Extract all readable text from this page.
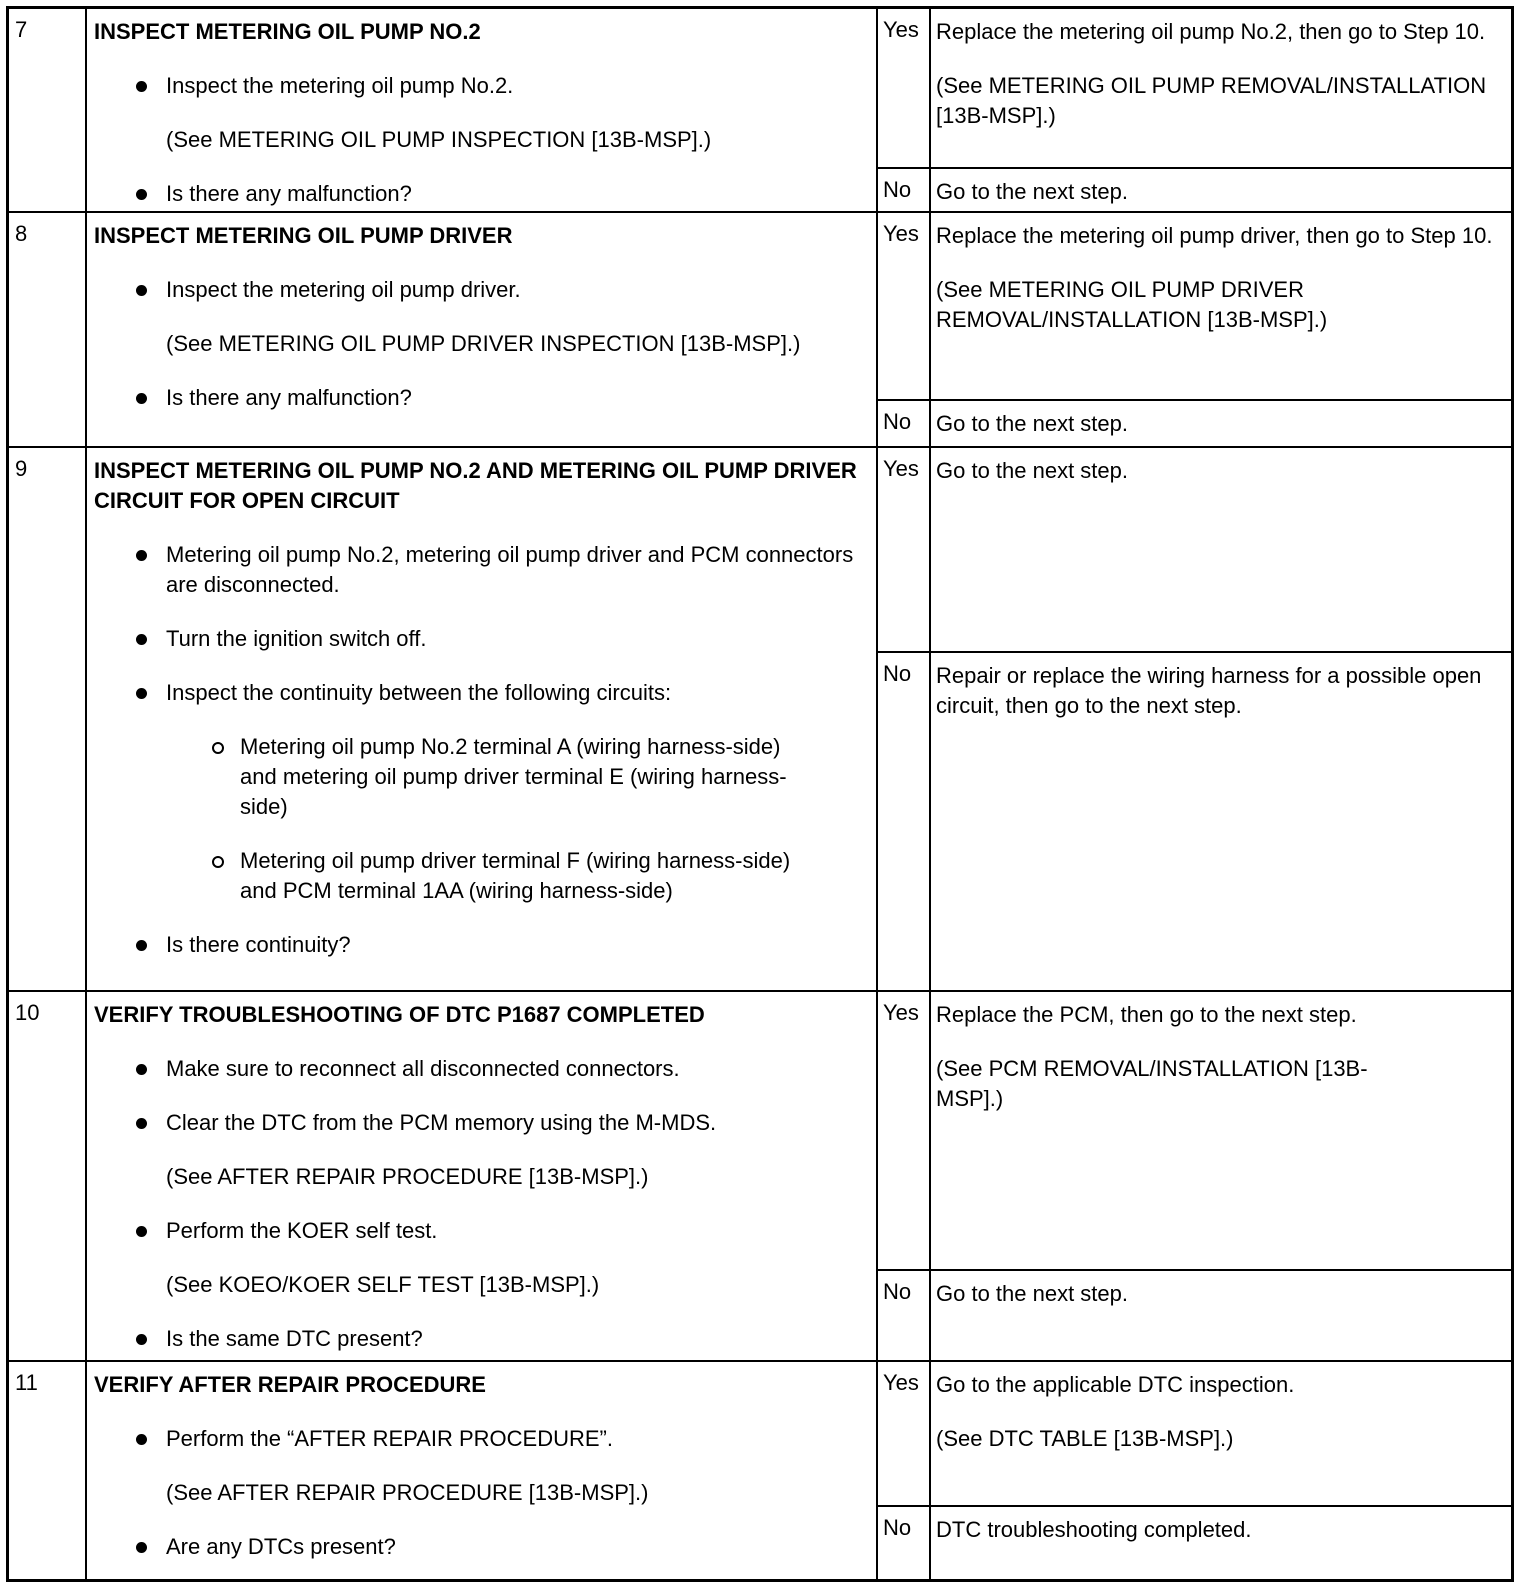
7	INSPECT METERING OIL PUMP NO.2
Inspect the metering oil pump No.2.
(See METERING OIL PUMP INSPECTION [13B-MSP].)
Is there any malfunction?
Yes Replace the metering oil pump No.2, then go to Step 10.

(See METERING OIL PUMP REMOVAL/INSTALLATION [13B-MSP].)

No	Go to the next step.

8	INSPECT METERING OIL PUMP DRIVER
Inspect the metering oil pump driver.
(See METERING OIL PUMP DRIVER INSPECTION [13B-MSP].)
Is there any malfunction?
Yes Replace the metering oil pump driver, then go to Step 10.

(See METERING OIL PUMP DRIVER REMOVAL/INSTALLATION [13B-MSP].)

No	Go to the next step.

9	INSPECT METERING OIL PUMP NO.2 AND METERING OIL PUMP DRIVER CIRCUIT FOR OPEN CIRCUIT
Metering oil pump No.2, metering oil pump driver and PCM connectors are disconnected.
Turn the ignition switch off.
Inspect the continuity between the following circuits:
Metering oil pump No.2 terminal A (wiring harness-side) and metering oil pump driver terminal E (wiring harness-side)
Metering oil pump driver terminal F (wiring harness-side) and PCM terminal 1AA (wiring harness-side)
Is there continuity?
Yes Go to the next step.

No	Repair or replace the wiring harness for a possible open circuit, then go to the next step.

10	VERIFY TROUBLESHOOTING OF DTC P1687 COMPLETED
Make sure to reconnect all disconnected connectors.
Clear the DTC from the PCM memory using the M-MDS.
(See AFTER REPAIR PROCEDURE [13B-MSP].)
Perform the KOER self test.
(See KOEO/KOER SELF TEST [13B-MSP].)
Is the same DTC present?
Yes Replace the PCM, then go to the next step.

(See PCM REMOVAL/INSTALLATION [13B-MSP].)

No	Go to the next step.

11	VERIFY AFTER REPAIR PROCEDURE
Perform the “AFTER REPAIR PROCEDURE”.
(See AFTER REPAIR PROCEDURE [13B-MSP].)
Are any DTCs present?
Yes Go to the applicable DTC inspection.

(See DTC TABLE [13B-MSP].)

No	DTC troubleshooting completed.
